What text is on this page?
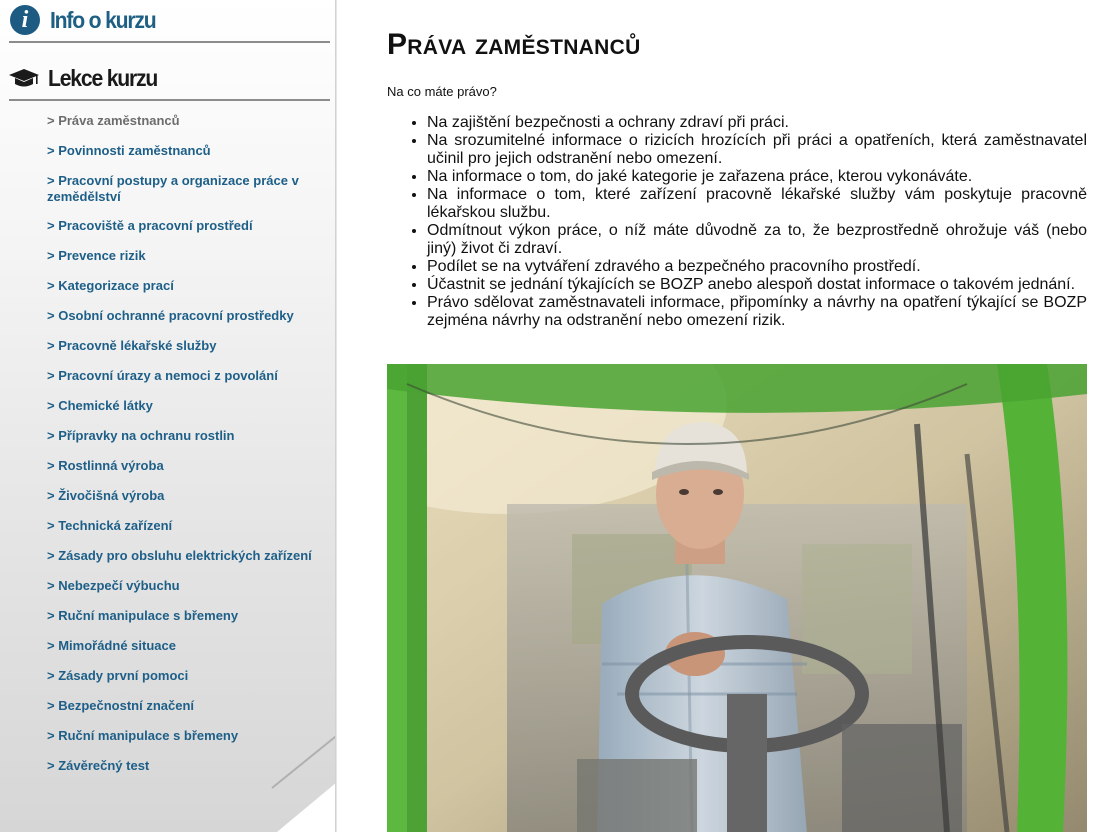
i Info o kurzu
Lekce kurzu
> Práva zaměstnanců
> Povinnosti zaměstnanců
> Pracovní postupy a organizace práce v zemědělství
> Pracoviště a pracovní prostředí
> Prevence rizik
> Kategorizace prací
> Osobní ochranné pracovní prostředky
> Pracovně lékařské služby
> Pracovní úrazy a nemoci z povolání
> Chemické látky
> Přípravky na ochranu rostlin
> Rostlinná výroba
> Živočišná výroba
> Technická zařízení
> Zásady pro obsluhu elektrických zařízení
> Nebezpečí výbuchu
> Ruční manipulace s břemeny
> Mimořádné situace
> Zásady první pomoci
> Bezpečnostní značení
> Ruční manipulace s břemeny
> Závěrečný test
Práva zaměstnanců

Na co máte právo?

• Na zajištění bezpečnosti a ochrany zdraví při práci.
• Na srozumitelné informace o rizicích hrozících při práci a opatřeních, která zaměstnavatel učinil pro jejich odstranění nebo omezení.
• Na informace o tom, do jaké kategorie je zařazena práce, kterou vykonáváte.
• Na informace o tom, které zařízení pracovně lékařské služby vám poskytuje pracovně lékařskou službu.
• Odmítnout výkon práce, o níž máte důvodně za to, že bezprostředně ohrožuje váš (nebo jiný) život či zdraví.
• Podílet se na vytváření zdravého a bezpečného pracovního prostředí.
• Účastnit se jednání týkajících se BOZP anebo alespoň dostat informace o takovém jednání.
• Právo sdělovat zaměstnavateli informace, připomínky a návrhy na opatření týkající se BOZP zejména návrhy na odstranění nebo omezení rizik.
